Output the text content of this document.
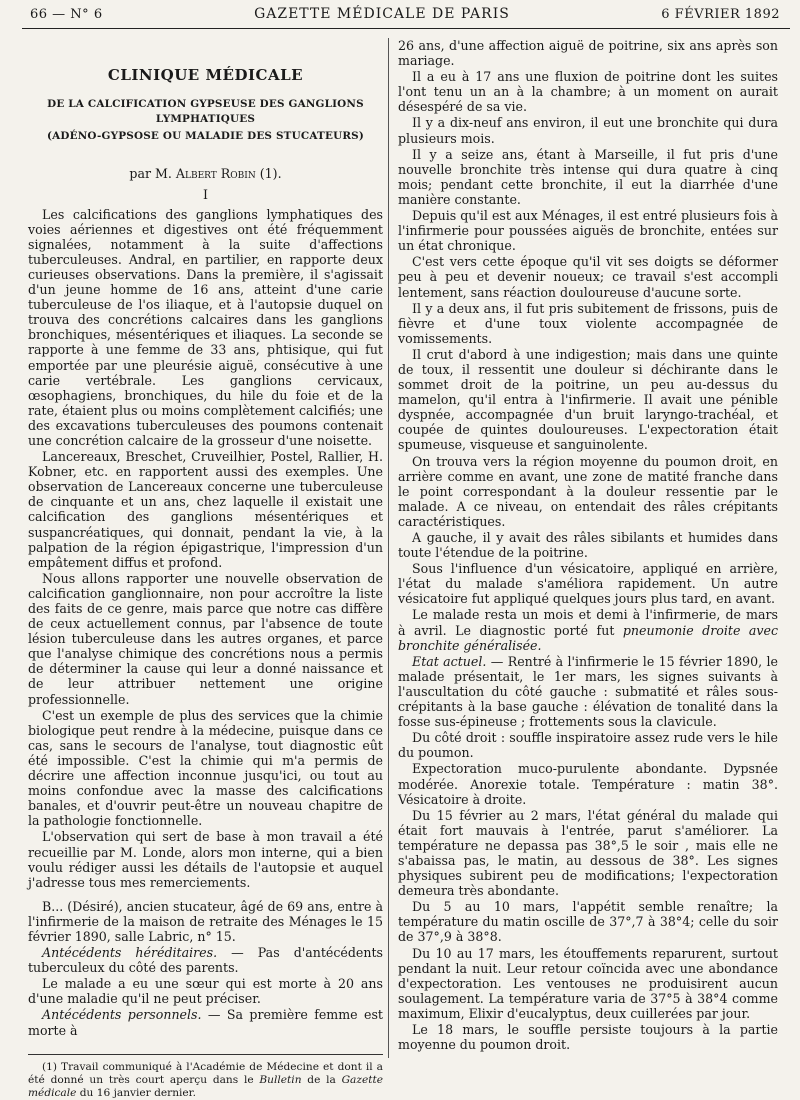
66 — N° 6	GAZETTE MÉDICALE DE PARIS	6 FÉVRIER 1892

CLINIQUE MÉDICALE

DE LA CALCIFICATION GYPSEUSE DES GANGLIONS LYMPHATIQUES

(ADÉNO-GYPSOSE OU MALADIE DES STUCATEURS)

par M. Albert Robin (1).

I

Les calcifications des ganglions lymphatiques des voies aériennes et digestives ont été fréquemment signalées, notamment à la suite d'affections tuberculeuses. Andral, en partilier, en rapporte deux curieuses observations. Dans la première, il s'agissait d'un jeune homme de 16 ans, atteint d'une carie tuberculeuse de l'os iliaque, et à l'autopsie duquel on trouva des concrétions calcaires dans les ganglions bronchiques, mésentériques et iliaques. La seconde se rapporte à une femme de 33 ans, phtisique, qui fut emportée par une pleurésie aiguë, consécutive à une carie vertébrale. Les ganglions cervicaux, œsophagiens, bronchiques, du hile du foie et de la rate, étaient plus ou moins complètement calcifiés; une des excavations tuberculeuses des poumons contenait une concrétion calcaire de la grosseur d'une noisette.

Lancereaux, Breschet, Cruveilhier, Postel, Rallier, H. Kobner, etc. en rapportent aussi des exemples. Une observation de Lancereaux concerne une tuberculeuse de cinquante et un ans, chez laquelle il existait une calcification des ganglions mésentériques et suspancréatiques, qui donnait, pendant la vie, à la palpation de la région épigastrique, l'impression d'un empâtement diffus et profond.

Nous allons rapporter une nouvelle observation de calcification ganglionnaire, non pour accroître la liste des faits de ce genre, mais parce que notre cas diffère de ceux actuellement connus, par l'absence de toute lésion tuberculeuse dans les autres organes, et parce que l'analyse chimique des concrétions nous a permis de déterminer la cause qui leur a donné naissance et de leur attribuer nettement une origine professionnelle.

C'est un exemple de plus des services que la chimie biologique peut rendre à la médecine, puisque dans ce cas, sans le secours de l'analyse, tout diagnostic eût été impossible. C'est la chimie qui m'a permis de décrire une affection inconnue jusqu'ici, ou tout au moins confondue avec la masse des calcifications banales, et d'ouvrir peut-être un nouveau chapitre de la pathologie fonctionnelle.

L'observation qui sert de base à mon travail a été recueillie par M. Londe, alors mon interne, qui a bien voulu rédiger aussi les détails de l'autopsie et auquel j'adresse tous mes remerciements.

B... (Désiré), ancien stucateur, âgé de 69 ans, entre à l'infirmerie de la maison de retraite des Ménages le 15 février 1890, salle Labric, n° 15.

Antécédents héréditaires. — Pas d'antécédents tuberculeux du côté des parents.

Le malade a eu une sœur qui est morte à 20 ans d'une maladie qu'il ne peut préciser.

Antécédents personnels. — Sa première femme est morte à

(1) Travail communiqué à l'Académie de Médecine et dont il a été donné un très court aperçu dans le Bulletin de la Gazette médicale du 16 janvier dernier.

26 ans, d'une affection aiguë de poitrine, six ans après son mariage.

Il a eu à 17 ans une fluxion de poitrine dont les suites l'ont tenu un an à la chambre; à un moment on aurait désespéré de sa vie.

Il y a dix-neuf ans environ, il eut une bronchite qui dura plusieurs mois.

Il y a seize ans, étant à Marseille, il fut pris d'une nouvelle bronchite très intense qui dura quatre à cinq mois; pendant cette bronchite, il eut la diarrhée d'une manière constante.

Depuis qu'il est aux Ménages, il est entré plusieurs fois à l'infirmerie pour poussées aiguës de bronchite, entées sur un état chronique.

C'est vers cette époque qu'il vit ses doigts se déformer peu à peu et devenir noueux; ce travail s'est accompli lentement, sans réaction douloureuse d'aucune sorte.

Il y a deux ans, il fut pris subitement de frissons, puis de fièvre et d'une toux violente accompagnée de vomissements.

Il crut d'abord à une indigestion; mais dans une quinte de toux, il ressentit une douleur si déchirante dans le sommet droit de la poitrine, un peu au-dessus du mamelon, qu'il entra à l'infirmerie. Il avait une pénible dyspnée, accompagnée d'un bruit laryngo-trachéal, et coupée de quintes douloureuses. L'expectoration était spumeuse, visqueuse et sanguinolente.

On trouva vers la région moyenne du poumon droit, en arrière comme en avant, une zone de matité franche dans le point correspondant à la douleur ressentie par le malade. A ce niveau, on entendait des râles crépitants caractéristiques.

A gauche, il y avait des râles sibilants et humides dans toute l'étendue de la poitrine.

Sous l'influence d'un vésicatoire, appliqué en arrière, l'état du malade s'améliora rapidement. Un autre vésicatoire fut appliqué quelques jours plus tard, en avant.

Le malade resta un mois et demi à l'infirmerie, de mars à avril. Le diagnostic porté fut pneumonie droite avec bronchite généralisée.

Etat actuel. — Rentré à l'infirmerie le 15 février 1890, le malade présentait, le 1er mars, les signes suivants à l'auscultation du côté gauche : submatité et râles sous-crépitants à la base gauche : élévation de tonalité dans la fosse sus-épineuse ; frottements sous la clavicule.

Du côté droit : souffle inspiratoire assez rude vers le hile du poumon.

Expectoration muco-purulente abondante. Dypsnée modérée. Anorexie totale. Température : matin 38°. Vésicatoire à droite.

Du 15 février au 2 mars, l'état général du malade qui était fort mauvais à l'entrée, parut s'améliorer. La température ne depassa pas 38°,5 le soir , mais elle ne s'abaissa pas, le matin, au dessous de 38°. Les signes physiques subirent peu de modifications; l'expectoration demeura très abondante.

Du 5 au 10 mars, l'appétit semble renaître; la température du matin oscille de 37°,7 à 38°4; celle du soir de 37°,9 à 38°8.

Du 10 au 17 mars, les étouffements reparurent, surtout pendant la nuit. Leur retour coïncida avec une abondance d'expectoration. Les ventouses ne produisirent aucun soulagement. La température varia de 37°5 à 38°4 comme maximum, Elixir d'eucalyptus, deux cuillerées par jour.

Le 18 mars, le souffle persiste toujours à la partie moyenne du poumon droit.
